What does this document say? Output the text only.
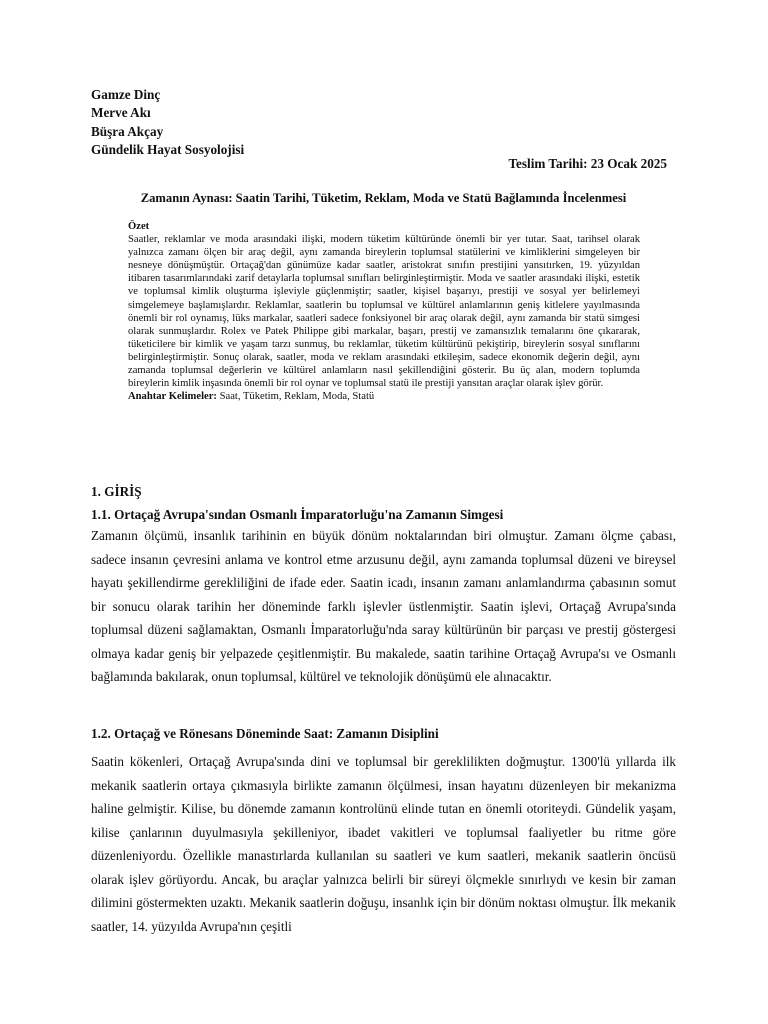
Gamze Dinç
Merve Akı
Büşra Akçay
Gündelik Hayat Sosyolojisi
Teslim Tarihi: 23 Ocak 2025
Zamanın Aynası: Saatin Tarihi, Tüketim, Reklam, Moda ve Statü Bağlamında İncelenmesi
Özet

Saatler, reklamlar ve moda arasındaki ilişki, modern tüketim kültüründe önemli bir yer tutar. Saat, tarihsel olarak yalnızca zamanı ölçen bir araç değil, aynı zamanda bireylerin toplumsal statülerini ve kimliklerini simgeleyen bir nesneye dönüşmüştür. Ortaçağ'dan günümüze kadar saatler, aristokrat sınıfın prestijini yansıtırken, 19. yüzyıldan itibaren tasarımlarındaki zarif detaylarla toplumsal sınıfları belirginleştirmiştir. Moda ve saatler arasındaki ilişki, estetik ve toplumsal kimlik oluşturma işleviyle güçlenmiştir; saatler, kişisel başarıyı, prestiji ve sosyal yer belirlemeyi simgelemeye başlamışlardır. Reklamlar, saatlerin bu toplumsal ve kültürel anlamlarının geniş kitlelere yayılmasında önemli bir rol oynamış, lüks markalar, saatleri sadece fonksiyonel bir araç olarak değil, aynı zamanda bir statü simgesi olarak sunmuşlardır. Rolex ve Patek Philippe gibi markalar, başarı, prestij ve zamansızlık temalarını öne çıkararak, tüketicilere bir kimlik ve yaşam tarzı sunmuş, bu reklamlar, tüketim kültürünü pekiştirip, bireylerin sosyal sınıflarını belirginleştirmiştir. Sonuç olarak, saatler, moda ve reklam arasındaki etkileşim, sadece ekonomik değerin değil, aynı zamanda toplumsal değerlerin ve kültürel anlamların nasıl şekillendiğini gösterir. Bu üç alan, modern toplumda bireylerin kimlik inşasında önemli bir rol oynar ve toplumsal statü ile prestiji yansıtan araçlar olarak işlev görür.

Anahtar Kelimeler: Saat, Tüketim, Reklam, Moda, Statü
1. GİRİŞ
1.1. Ortaçağ Avrupa'sından Osmanlı İmparatorluğu'na Zamanın Simgesi

Zamanın ölçümü, insanlık tarihinin en büyük dönüm noktalarından biri olmuştur. Zamanı ölçme çabası, sadece insanın çevresini anlama ve kontrol etme arzusunu değil, aynı zamanda toplumsal düzeni ve bireysel hayatı şekillendirme gerekliliğini de ifade eder. Saatin icadı, insanın zamanı anlamlandırma çabasının somut bir sonucu olarak tarihin her döneminde farklı işlevler üstlenmiştir. Saatin işlevi, Ortaçağ Avrupa'sında toplumsal düzeni sağlamaktan, Osmanlı İmparatorluğu'nda saray kültürünün bir parçası ve prestij göstergesi olmaya kadar geniş bir yelpazede çeşitlenmiştir. Bu makalede, saatin tarihine Ortaçağ Avrupa'sı ve Osmanlı bağlamında bakılarak, onun toplumsal, kültürel ve teknolojik dönüşümü ele alınacaktır.

1.2. Ortaçağ ve Rönesans Döneminde Saat: Zamanın Disiplini

Saatin kökenleri, Ortaçağ Avrupa'sında dini ve toplumsal bir gereklilikten doğmuştur. 1300'lü yıllarda ilk mekanik saatlerin ortaya çıkmasıyla birlikte zamanın ölçülmesi, insan hayatını düzenleyen bir mekanizma haline gelmiştir. Kilise, bu dönemde zamanın kontrolünü elinde tutan en önemli otoriteydi. Gündelik yaşam, kilise çanlarının duyulmasıyla şekilleniyor, ibadet vakitleri ve toplumsal faaliyetler bu ritme göre düzenleniyordu. Özellikle manastırlarda kullanılan su saatleri ve kum saatleri, mekanik saatlerin öncüsü olarak işlev görüyordu. Ancak, bu araçlar yalnızca belirli bir süreyi ölçmekle sınırlıydı ve kesin bir zaman dilimini göstermekten uzaktı. Mekanik saatlerin doğuşu, insanlık için bir dönüm noktası olmuştur. İlk mekanik saatler, 14. yüzyılda Avrupa'nın çeşitli
